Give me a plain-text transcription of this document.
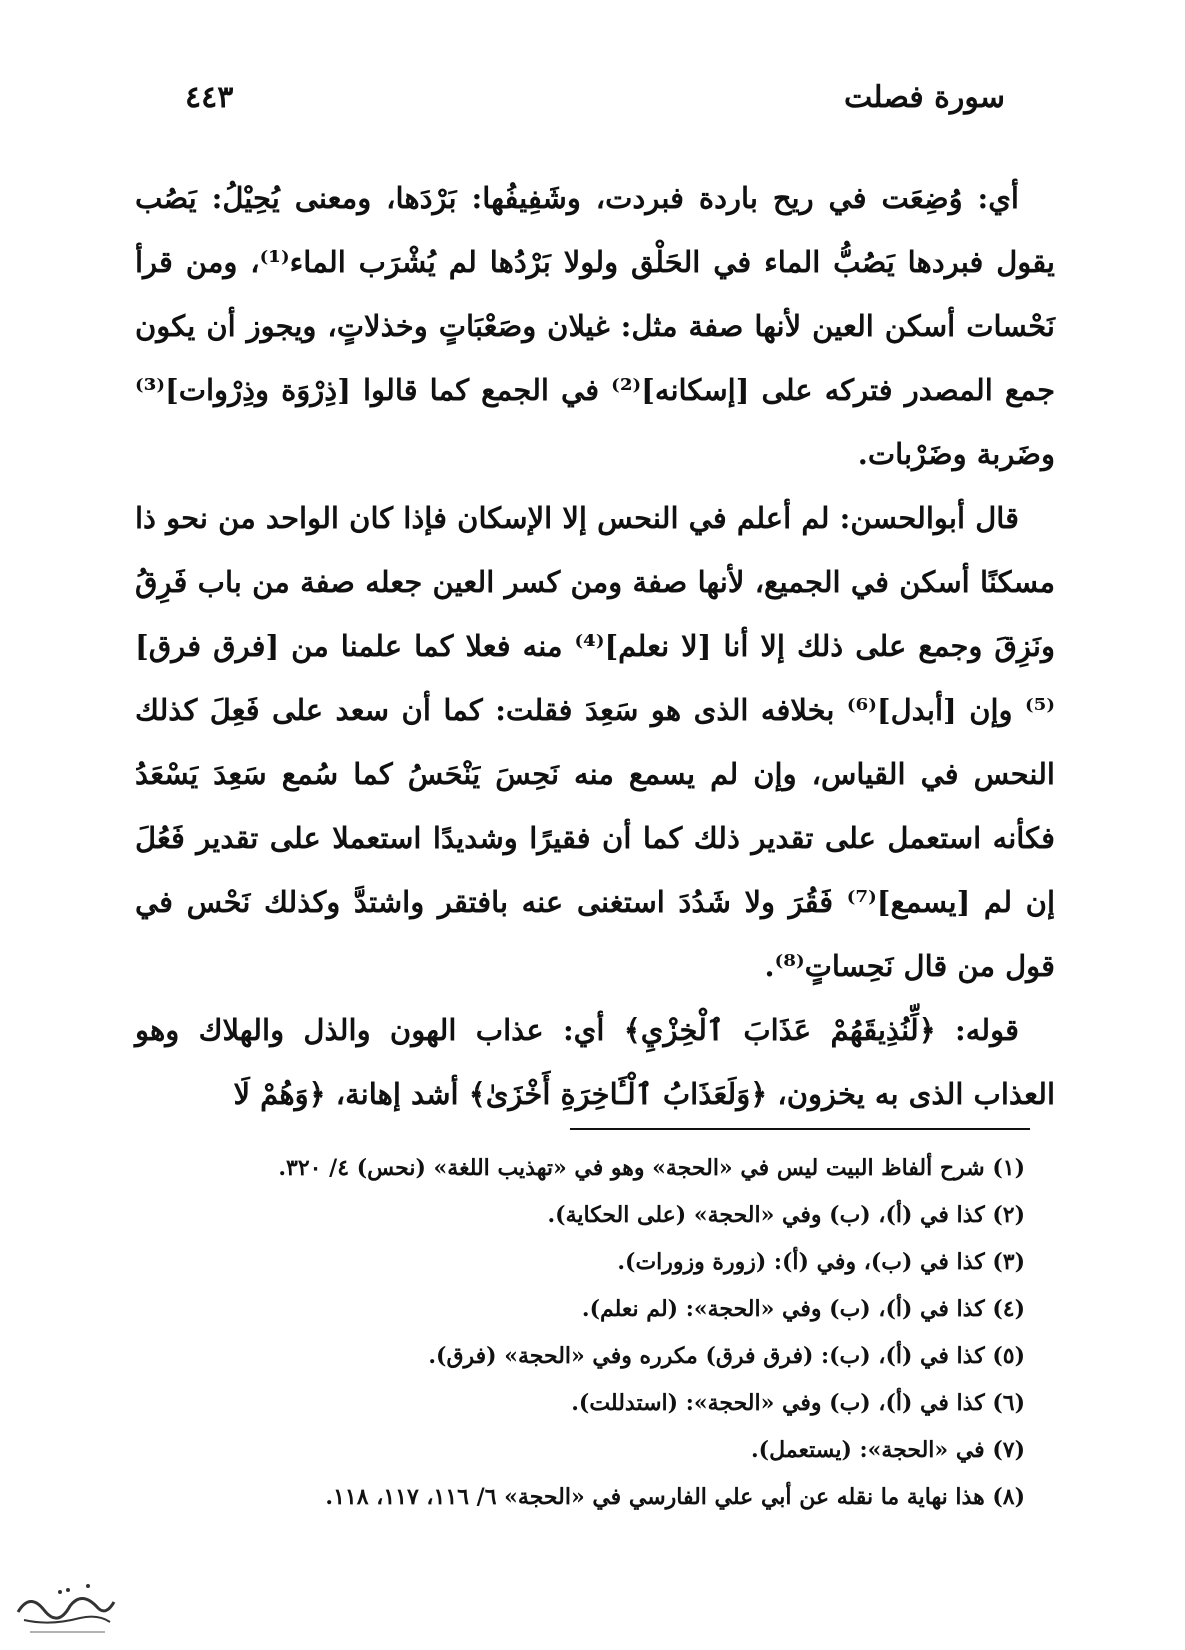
سورة فصلت
٤٤٣

أي: وُضِعَت في ريح باردة فبردت، وشَفِيفُها: بَرْدَها، ومعنى يُحِيْلُ: يَصُب يقول فبردها يَصُبُّ الماء في الحَلْق ولولا بَرْدُها لم يُشْرَب الماء⁽¹⁾، ومن قرأ نَحْسات أسكن العين لأنها صفة مثل: غيلان وصَعْبَاتٍ وخذلاتٍ، ويجوز أن يكون جمع المصدر فتركه على [إسكانه]⁽²⁾ في الجمع كما قالوا [ذِرْوَة وذِرْوات]⁽³⁾ وضَربة وضَرْبات.

قال أبوالحسن: لم أعلم في النحس إلا الإسكان فإذا كان الواحد من نحو ذا مسكنًا أسكن في الجميع، لأنها صفة ومن كسر العين جعله صفة من باب فَرِقُ ونَزِقَ وجمع على ذلك إلا أنا [لا نعلم]⁽⁴⁾ منه فعلا كما علمنا من [فرق فرق]⁽⁵⁾ وإن [أبدل]⁽⁶⁾ بخلافه الذى هو سَعِدَ فقلت: كما أن سعد على فَعِلَ كذلك النحس في القياس، وإن لم يسمع منه نَحِسَ يَنْحَسُ كما سُمع سَعِدَ يَسْعَدُ فكأنه استعمل على تقدير ذلك كما أن فقيرًا وشديدًا استعملا على تقدير فَعُلَ إن لم [يسمع]⁽⁷⁾ فَقُرَ ولا شَدُدَ استغنى عنه بافتقر واشتدَّ وكذلك نَحْس في قول من قال نَحِساتٍ⁽⁸⁾.

قوله: ﴿لِّنُذِيقَهُمْ عَذَابَ ٱلْخِزْيِ﴾ أي: عذاب الهون والذل والهلاك وهو العذاب الذى به يخزون، ﴿وَلَعَذَابُ ٱلْـَٔاخِرَةِ أَخْزَىٰ﴾ أشد إهانة، ﴿وَهُمْ لَا

(١) شرح ألفاظ البيت ليس في «الحجة» وهو في «تهذيب اللغة» (نحس) ٤/ ٣٢٠.
(٢) كذا في (أ)، (ب) وفي «الحجة» (على الحكاية).
(٣) كذا في (ب)، وفي (أ): (زورة وزورات).
(٤) كذا في (أ)، (ب) وفي «الحجة»: (لم نعلم).
(٥) كذا في (أ)، (ب): (فرق فرق) مكرره وفي «الحجة» (فرق).
(٦) كذا في (أ)، (ب) وفي «الحجة»: (استدللت).
(٧) في «الحجة»: (يستعمل).
(٨) هذا نهاية ما نقله عن أبي علي الفارسي في «الحجة» ٦/ ١١٦، ١١٧، ١١٨.
